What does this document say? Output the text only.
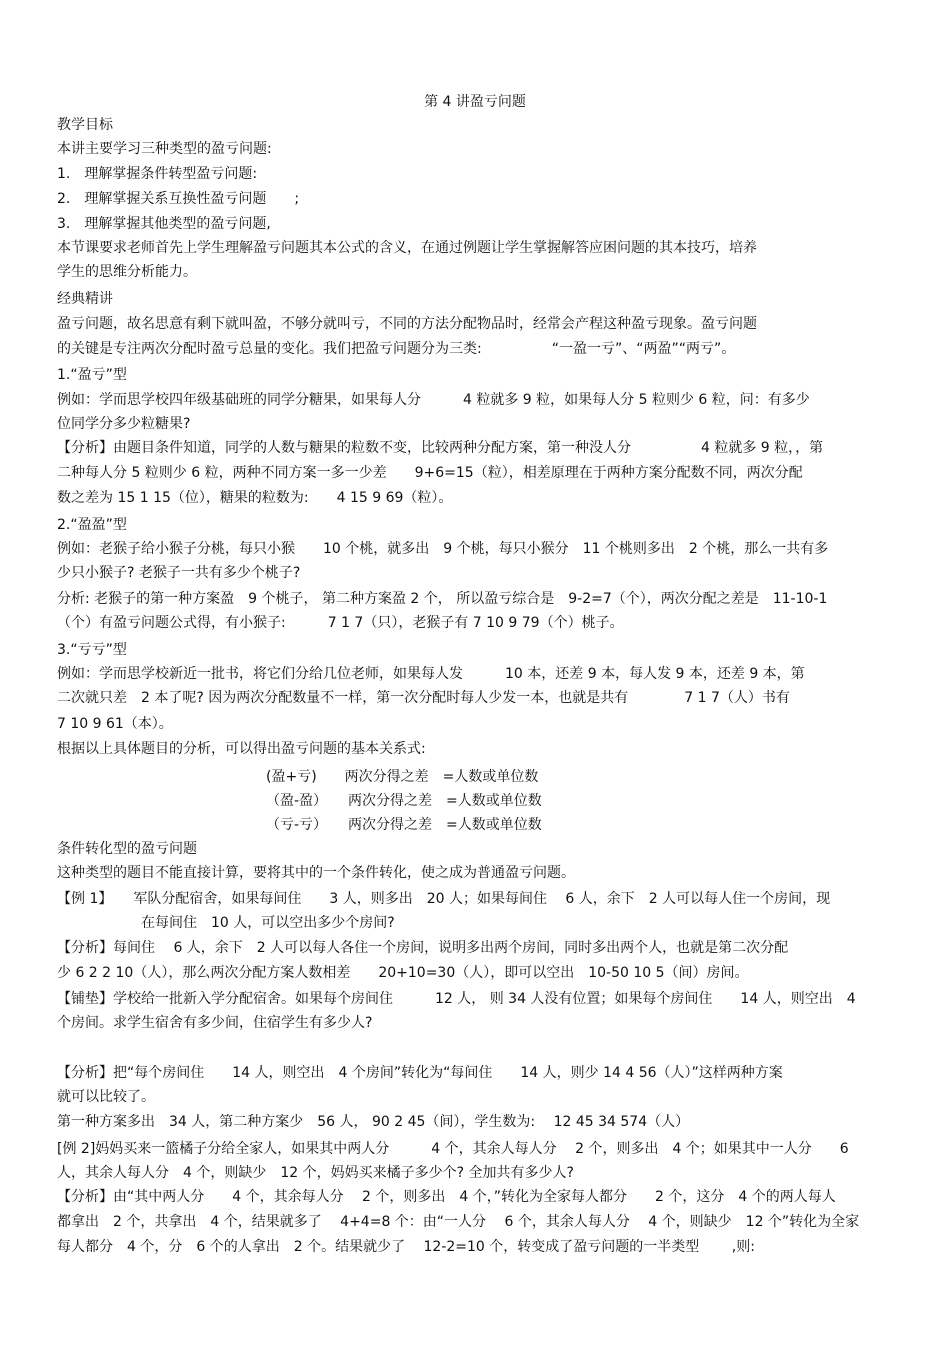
第 4 讲盈亏问题
教学目标
本讲主要学习三种类型的盈亏问题:
1.　理解掌握条件转型盈亏问题:
2.　理解掌握关系互换性盈亏问题　　;
3.　理解掌握其他类型的盈亏问题,
本节课要求老师首先上学生理解盈亏问题其本公式的含义，在通过例题让学生掌握解答应困问题的其本技巧，培养
学生的思维分析能力。
经典精讲
盈亏问题，故名思意有剩下就叫盈，不够分就叫亏，不同的方法分配物品时，经常会产程这种盈亏现象。盈亏问题
的关键是专注两次分配时盈亏总量的变化。我们把盈亏问题分为三类:　　　　　“一盈一亏”、“两盈”“两亏”。
1.“盈亏”型
例如：学而思学校四年级基础班的同学分糖果，如果每人分　　　4 粒就多 9 粒，如果每人分 5 粒则少 6 粒，问：有多少
位同学分多少粒糖果?
【分析】由题目条件知道，同学的人数与糖果的粒数不变，比较两种分配方案，第一种没人分　　　　　4 粒就多 9 粒，，第
二种每人分 5 粒则少 6 粒，两种不同方案一多一少差　　9+6=15（粒），相差原理在于两种方案分配数不同，两次分配
数之差为 15 1 15（位），糖果的粒数为:　　4 15 9 69（粒）。
2.“盈盈”型
例如：老猴子给小猴子分桃，每只小猴　　10 个桃，就多出　9 个桃，每只小猴分　11 个桃则多出　2 个桃，那么一共有多
少只小猴子? 老猴子一共有多少个桃子?
分析: 老猴子的第一种方案盈　9 个桃子， 第二种方案盈 2 个， 所以盈亏综合是　9-2=7（个），两次分配之差是　11-10-1
（个）有盈亏问题公式得，有小猴子:　　　7 1 7（只），老猴子有 7 10 9 79（个）桃子。
3.“亏亏”型
例如：学而思学校新近一批书，将它们分给几位老师，如果每人发　　　10 本，还差 9 本，每人发 9 本，还差 9 本，第
二次就只差　2 本了呢? 因为两次分配数量不一样，第一次分配时每人少发一本，也就是共有　　　　7 1 7（人）书有
7 10 9 61（本）。
根据以上具体题目的分析，可以得出盈亏问题的基本关系式:
条件转化型的盈亏问题
这种类型的题目不能直接计算，要将其中的一个条件转化，使之成为普通盈亏问题。
【例 1】　　军队分配宿舍，如果每间住　　3 人，则多出　20 人；如果每间住　 6 人，余下　2 人可以每人住一个房间，现
　　　　　　在每间住　10 人，可以空出多少个房间?
【分析】每间住　 6 人，余下　2 人可以每人各住一个房间，说明多出两个房间，同时多出两个人，也就是第二次分配
少 6 2 2 10（人），那么两次分配方案人数相差　　20+10=30（人），即可以空出　10-50 10 5（间）房间。
【铺垫】学校给一批新入学分配宿舍。如果每个房间住　　　12 人， 则 34 人没有位置；如果每个房间住　　14 人，则空出　4
个房间。求学生宿舍有多少间，住宿学生有多少人?
【分析】把“每个房间住　　14 人，则空出　4 个房间”转化为“每间住　　14 人，则少 14 4 56（人）”这样两种方案
就可以比较了。
第一种方案多出　34 人，第二种方案少　56 人， 90 2 45（间），学生数为:　 12 45 34 574（人）
[例 2]妈妈买来一篮橘子分给全家人，如果其中两人分　　　4 个，其余人每人分　 2 个，则多出　4 个；如果其中一人分　　6
人，其余人每人分　4 个，则缺少　12 个，妈妈买来橘子多少个? 全加共有多少人?
【分析】由“其中两人分　　4 个，其余每人分　 2 个，则多出　4 个，”转化为全家每人都分　　2 个，这分　4 个的两人每人
都拿出　2 个，共拿出　4 个，结果就多了　 4+4=8 个：由“一人分　 6 个，其余人每人分　 4 个，则缺少　12 个”转化为全家
每人都分　4 个，分　6 个的人拿出　2 个。结果就少了　 12-2=10 个，转变成了盈亏问题的一半类型　　 ,则:
(盈+亏)　　两次分得之差　=人数或单位数
（盈-盈）　　两次分得之差　=人数或单位数
（亏-亏）　　两次分得之差　=人数或单位数
